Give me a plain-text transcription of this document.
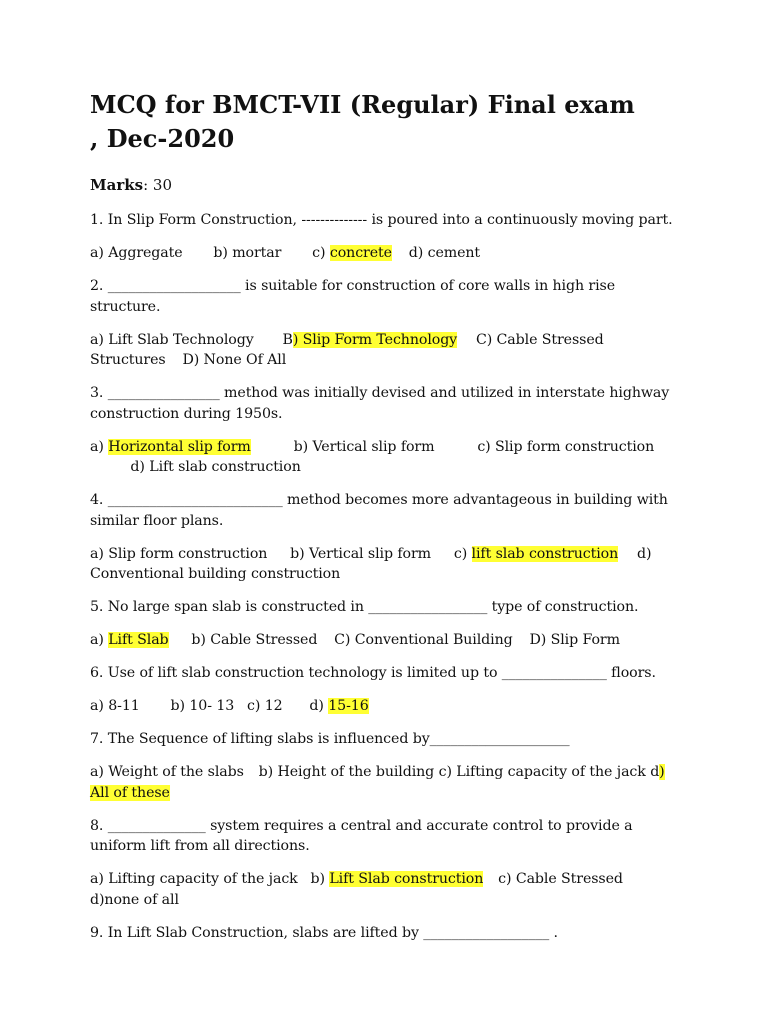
MCQ for BMCT-VII (Regular) Final exam , Dec-2020

Marks: 30

1. In Slip Form Construction, -------------- is poured into a continuously moving part.

a) Aggregate b) mortar c) concrete d) cement

2. ___________________ is suitable for construction of core walls in high rise structure.

a) Lift Slab Technology B) Slip Form Technology C) Cable Stressed Structures D) None Of All

3. ________________ method was initially devised and utilized in interstate highway construction during 1950s.

a) Horizontal slip form	b) Vertical slip form	c) Slip form construction  d) Lift slab construction

4. _________________________ method becomes more advantageous in building with similar floor plans.

a) Slip form construction b) Vertical slip form c) lift slab construction d) Conventional building construction

5. No large span slab is constructed in _________________ type of construction.

a) Lift Slab b) Cable Stressed C) Conventional Building D) Slip Form

6. Use of lift slab construction technology is limited up to _______________ floors.

a) 8-11 b) 10- 13 c) 12 d) 15-16

7. The Sequence of lifting slabs is influenced by____________________

a) Weight of the slabs b) Height of the building c) Lifting capacity of the jack d) All of these

8. ______________ system requires a central and accurate control to provide a uniform lift from all directions.

a) Lifting capacity of the jack b) Lift Slab construction c) Cable Stressed  d)none of all

9. In Lift Slab Construction, slabs are lifted by __________________ .
